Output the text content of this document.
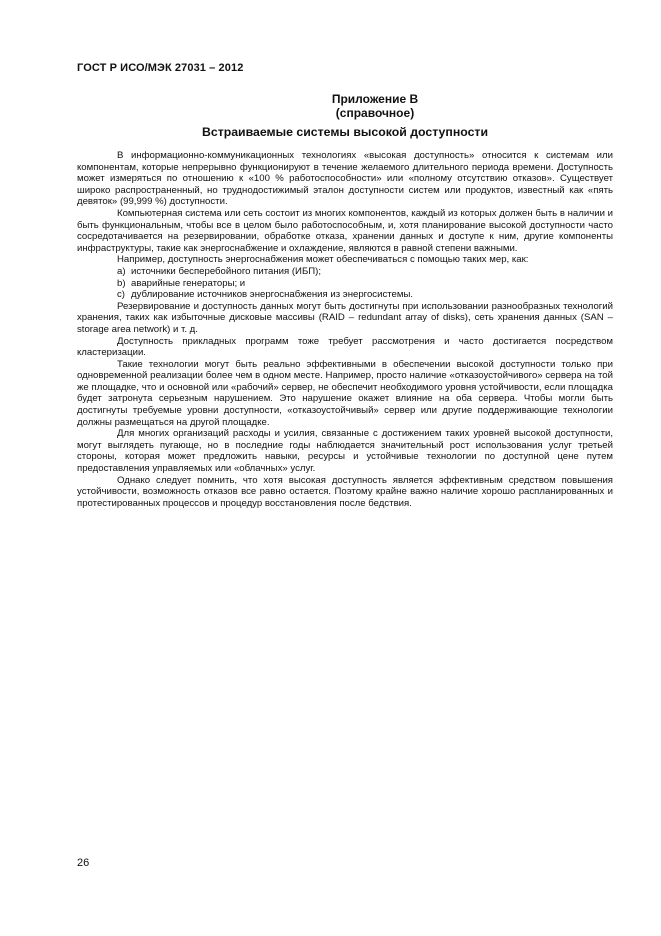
ГОСТ Р ИСО/МЭК 27031 – 2012
Приложение В
(справочное)
Встраиваемые системы высокой доступности

В информационно-коммуникационных технологиях «высокая доступность» относится к системам или компонентам, которые непрерывно функционируют в течение желаемого длительного периода времени. Доступность может измеряться по отношению к «100 % работоспособности» или «полному отсутствию отказов». Существует широко распространенный, но труднодостижимый эталон доступности систем или продуктов, известный как «пять девяток» (99,999 %) доступности.

Компьютерная система или сеть состоит из многих компонентов, каждый из которых должен быть в наличии и быть функциональным, чтобы все в целом было работоспособным, и, хотя планирование высокой доступности часто сосредотачивается на резервировании, обработке отказа, хранении данных и доступе к ним, другие компоненты инфраструктуры, такие как энергоснабжение и охлаждение, являются в равной степени важными.

Например, доступность энергоснабжения может обеспечиваться с помощью таких мер, как:

а) источники бесперебойного питания (ИБП);
b) аварийные генераторы; и
c) дублирование источников энергоснабжения из энергосистемы.

Резервирование и доступность данных могут быть достигнуты при использовании разнообразных технологий хранения, таких как избыточные дисковые массивы (RAID – redundant array of disks), сеть хранения данных (SAN – storage area network) и т. д.

Доступность прикладных программ тоже требует рассмотрения и часто достигается посредством кластеризации.

Такие технологии могут быть реально эффективными в обеспечении высокой доступности только при одновременной реализации более чем в одном месте. Например, просто наличие «отказоустойчивого» сервера на той же площадке, что и основной или «рабочий» сервер, не обеспечит необходимого уровня устойчивости, если площадка будет затронута серьезным нарушением. Это нарушение окажет влияние на оба сервера. Чтобы могли быть достигнуты требуемые уровни доступности, «отказоустойчивый» сервер или другие поддерживающие технологии должны размещаться на другой площадке.

Для многих организаций расходы и усилия, связанные с достижением таких уровней высокой доступности, могут выглядеть пугающе, но в последние годы наблюдается значительный рост использования услуг третьей стороны, которая может предложить навыки, ресурсы и устойчивые технологии по доступной цене путем предоставления управляемых или «облачных» услуг.

Однако следует помнить, что хотя высокая доступность является эффективным средством повышения устойчивости, возможность отказов все равно остается. Поэтому крайне важно наличие хорошо распланированных и протестированных процессов и процедур восстановления после бедствия.

26
